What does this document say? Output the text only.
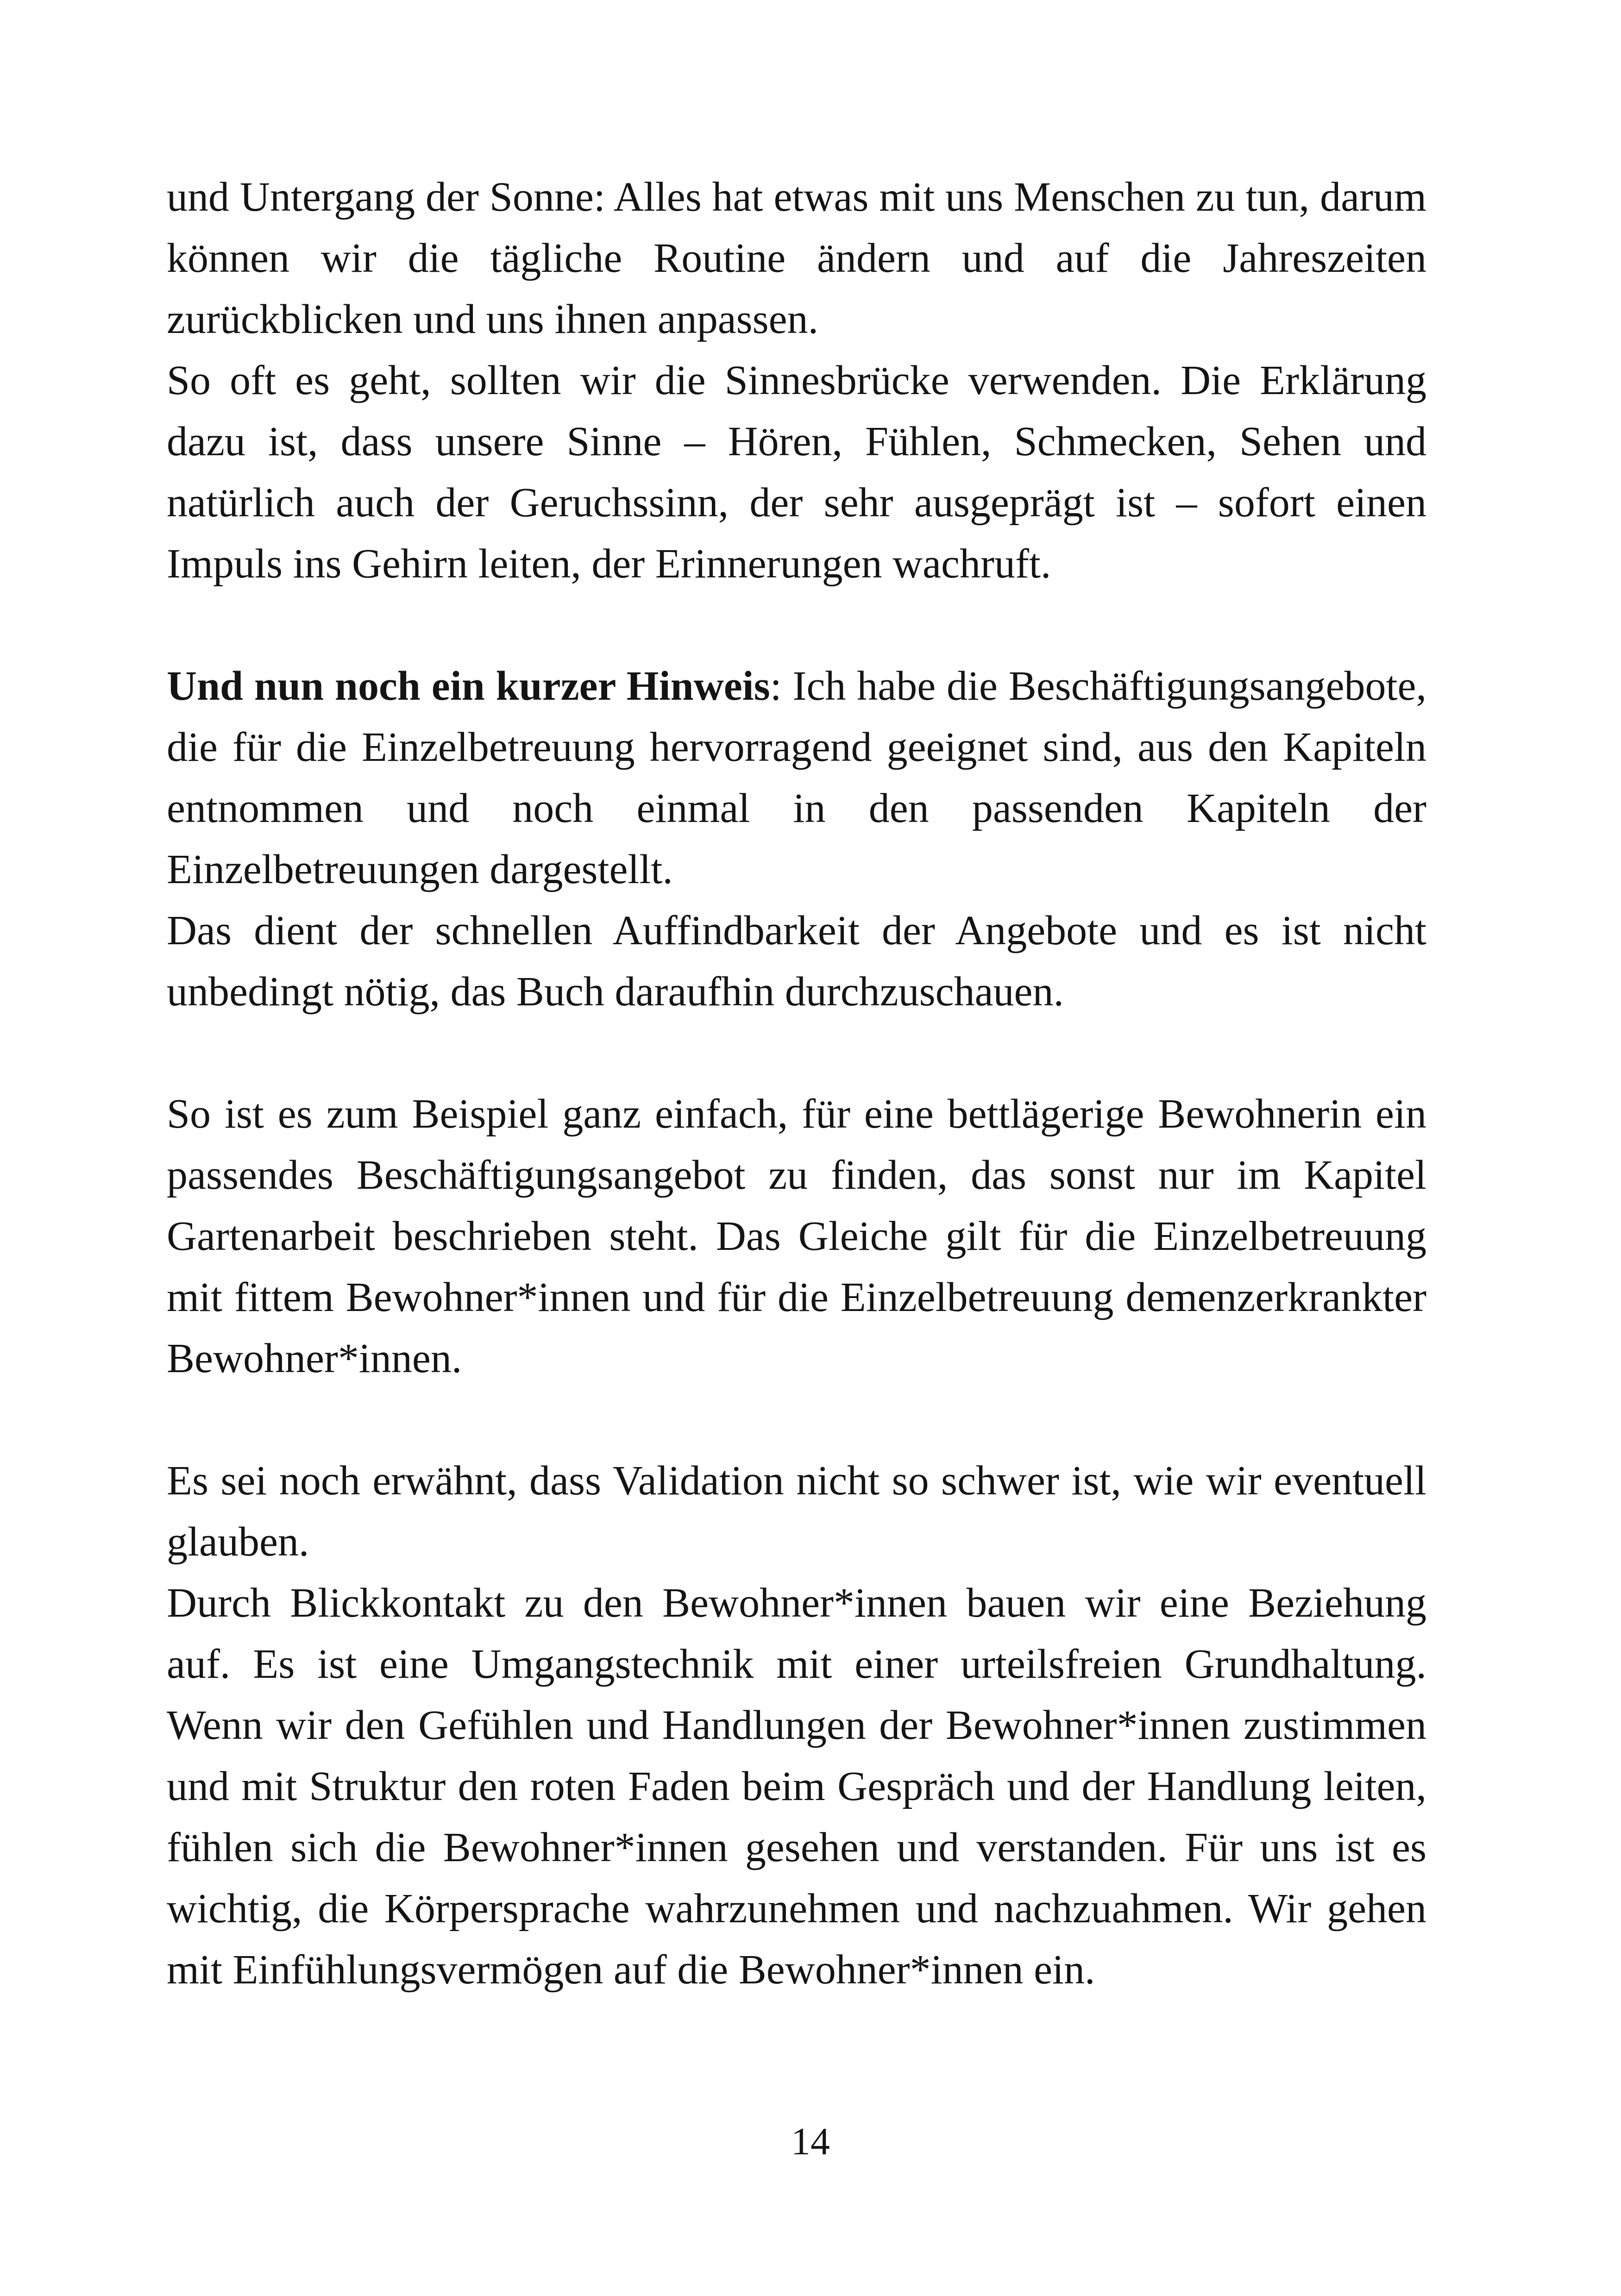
und Untergang der Sonne: Alles hat etwas mit uns Menschen zu tun, darum können wir die tägliche Routine ändern und auf die Jahreszeiten zurückblicken und uns ihnen anpassen.

So oft es geht, sollten wir die Sinnesbrücke verwenden. Die Erklärung dazu ist, dass unsere Sinne – Hören, Fühlen, Schmecken, Sehen und natürlich auch der Geruchssinn, der sehr ausgeprägt ist – sofort einen Impuls ins Gehirn leiten, der Erinnerungen wachruft.

Und nun noch ein kurzer Hinweis: Ich habe die Beschäftigungsangebote, die für die Einzelbetreuung hervorragend geeignet sind, aus den Kapiteln entnommen und noch einmal in den passenden Kapiteln der Einzelbetreuungen dargestellt.

Das dient der schnellen Auffindbarkeit der Angebote und es ist nicht unbedingt nötig, das Buch daraufhin durchzuschauen.

So ist es zum Beispiel ganz einfach, für eine bettlägerige Bewohnerin ein passendes Beschäftigungsangebot zu finden, das sonst nur im Kapitel Gartenarbeit beschrieben steht. Das Gleiche gilt für die Einzelbetreuung mit fittem Bewohner*innen und für die Einzelbetreuung demenzerkrankter Bewohner*innen.

Es sei noch erwähnt, dass Validation nicht so schwer ist, wie wir eventuell glauben.

Durch Blickkontakt zu den Bewohner*innen bauen wir eine Beziehung auf. Es ist eine Umgangstechnik mit einer urteilsfreien Grundhaltung. Wenn wir den Gefühlen und Handlungen der Bewohner*innen zustimmen und mit Struktur den roten Faden beim Gespräch und der Handlung leiten, fühlen sich die Bewohner*innen gesehen und verstanden. Für uns ist es wichtig, die Körpersprache wahrzunehmen und nachzuahmen. Wir gehen mit Einfühlungsvermögen auf die Bewohner*innen ein.

14
